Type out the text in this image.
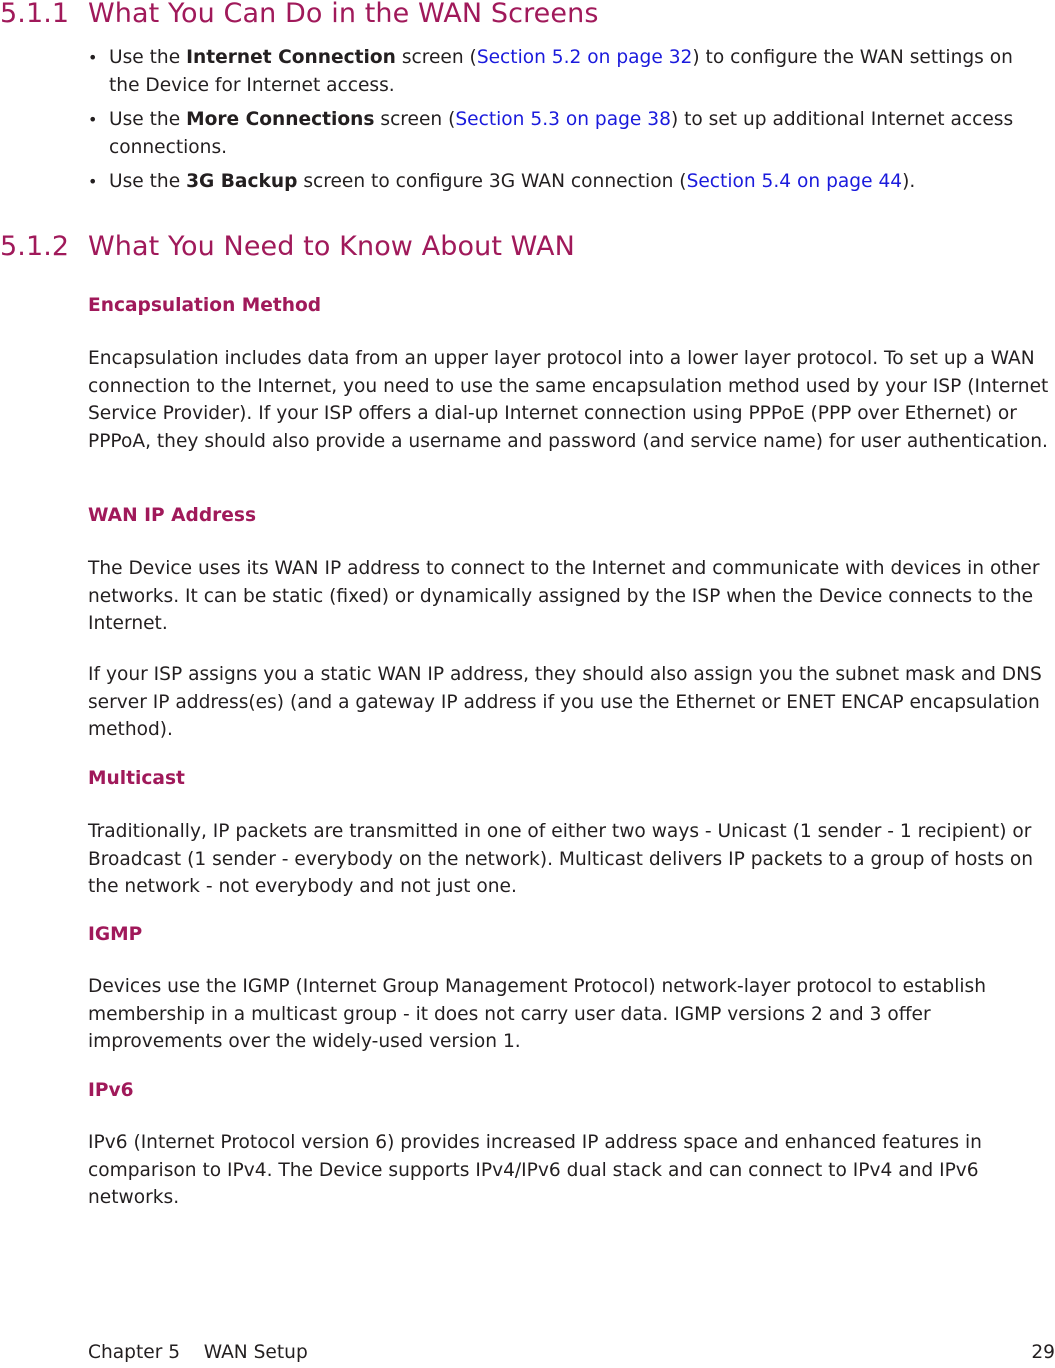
5.1.1 What You Can Do in the WAN Screens
• Use the Internet Connection screen (Section 5.2 on page 32) to configure the WAN settings on the Device for Internet access.
• Use the More Connections screen (Section 5.3 on page 38) to set up additional Internet access connections.
• Use the 3G Backup screen to configure 3G WAN connection (Section 5.4 on page 44).
5.1.2 What You Need to Know About WAN
Encapsulation Method

Encapsulation includes data from an upper layer protocol into a lower layer protocol. To set up a WAN connection to the Internet, you need to use the same encapsulation method used by your ISP (Internet Service Provider). If your ISP offers a dial-up Internet connection using PPPoE (PPP over Ethernet) or PPPoA, they should also provide a username and password (and service name) for user authentication.

WAN IP Address

The Device uses its WAN IP address to connect to the Internet and communicate with devices in other networks. It can be static (fixed) or dynamically assigned by the ISP when the Device connects to the Internet.

If your ISP assigns you a static WAN IP address, they should also assign you the subnet mask and DNS server IP address(es) (and a gateway IP address if you use the Ethernet or ENET ENCAP encapsulation method).

Multicast

Traditionally, IP packets are transmitted in one of either two ways - Unicast (1 sender - 1 recipient) or Broadcast (1 sender - everybody on the network). Multicast delivers IP packets to a group of hosts on the network - not everybody and not just one.

IGMP

Devices use the IGMP (Internet Group Management Protocol) network-layer protocol to establish membership in a multicast group - it does not carry user data. IGMP versions 2 and 3 offer improvements over the widely-used version 1.

IPv6

IPv6 (Internet Protocol version 6) provides increased IP address space and enhanced features in comparison to IPv4. The Device supports IPv4/IPv6 dual stack and can connect to IPv4 and IPv6 networks.

Chapter 5    WAN Setup	29
